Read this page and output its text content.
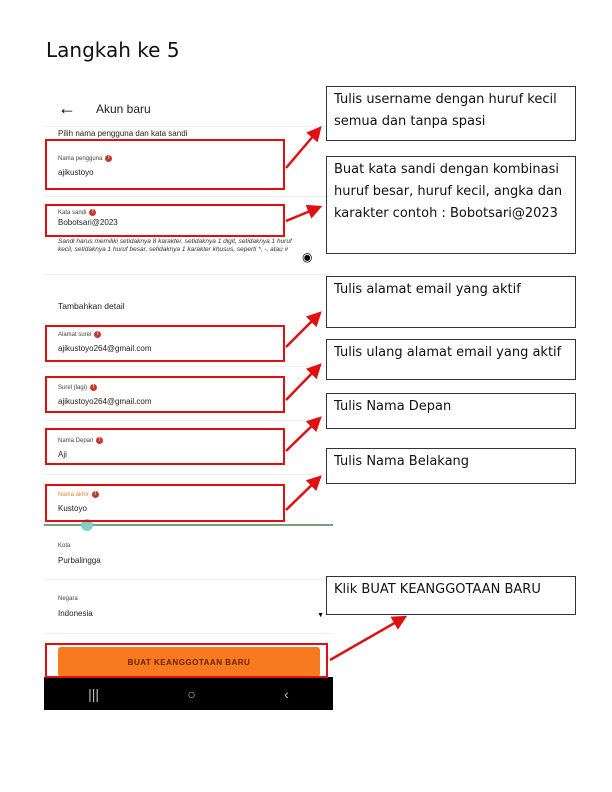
Langkah ke 5
← Akun baru
Pilih nama pengguna dan kata sandi
Nama pengguna	!
ajikustoyo
Kata sandi	!
Bobotsari@2023
Sandi harus memiliki setidaknya 8 karakter, setidaknya 1 digit, setidaknya 1 huruf kecil, setidaknya 1 huruf besar, setidaknya 1 karakter khusus, seperti *, -, atau #
◉
Tambahkan detail
Alamat surel	!
ajikustoyo264@gmail.com
Surel (lagi)	!
ajikustoyo264@gmail.com
Nama Depan	!
Aji
Nama akhir	!
Kustoyo
Kota
Purbalingga
Negara
Indonesia	▼
BUAT KEANGGOTAAN BARU
|||	○	‹
Tulis username dengan huruf kecil semua dan tanpa spasi
Buat kata sandi dengan kombinasi huruf besar, huruf kecil, angka dan karakter contoh : Bobotsari@2023
Tulis alamat email yang aktif
Tulis ulang alamat email yang aktif
Tulis Nama Depan
Tulis Nama Belakang
Klik BUAT KEANGGOTAAN BARU
